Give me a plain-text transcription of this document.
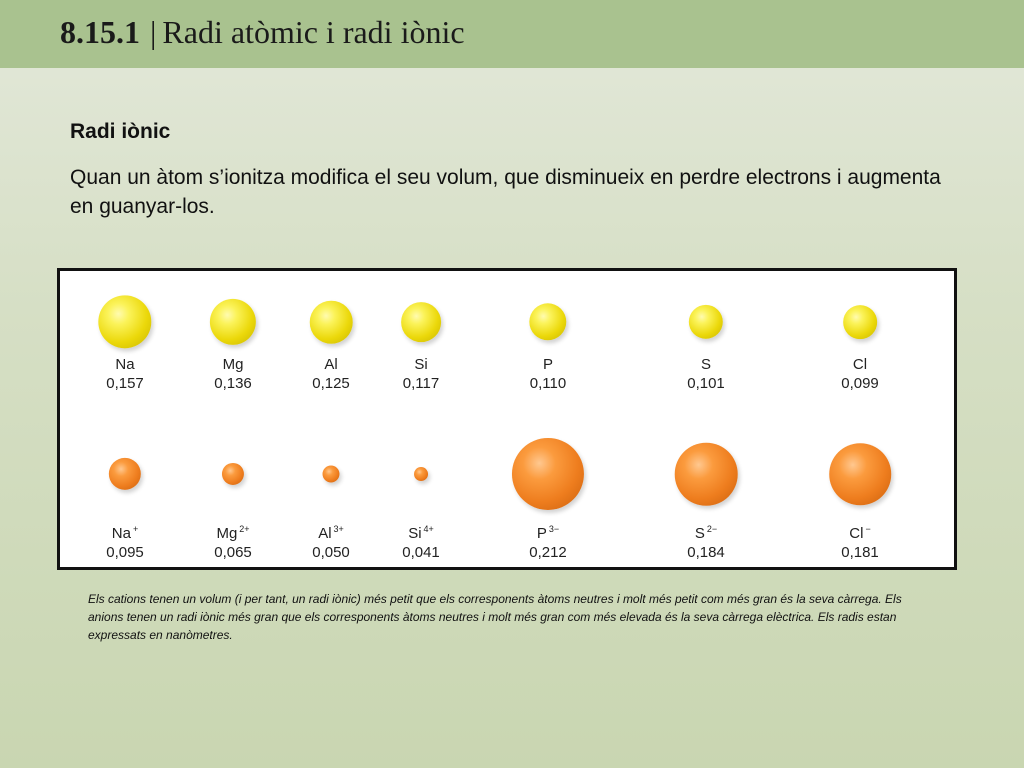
8.15.1 | Radi atòmic i radi iònic
Radi iònic

Quan un àtom s’ionitza modifica el seu volum, que disminueix en perdre electrons i augmenta en guanyar-los.

Na
0,157
Mg
0,136
Al
0,125
Si
0,117
P
0,110
S
0,101
Cl
0,099
Na +
0,095
Mg $^{2+}$
0,065
Al $^{3+}$
0,050
Si $^{4+}$
0,041
P $^{3-}$
0,212
S $^{2-}$
0,184
Cl −
0,181

Els cations tenen un volum (i per tant, un radi iònic) més petit que els corresponents àtoms neutres i molt més petit com més gran és la seva càrrega. Els anions tenen un radi iònic més gran que els corresponents àtoms neutres i molt més gran com més elevada és la seva càrrega elèctrica. Els radis estan expressats en nanòmetres.
